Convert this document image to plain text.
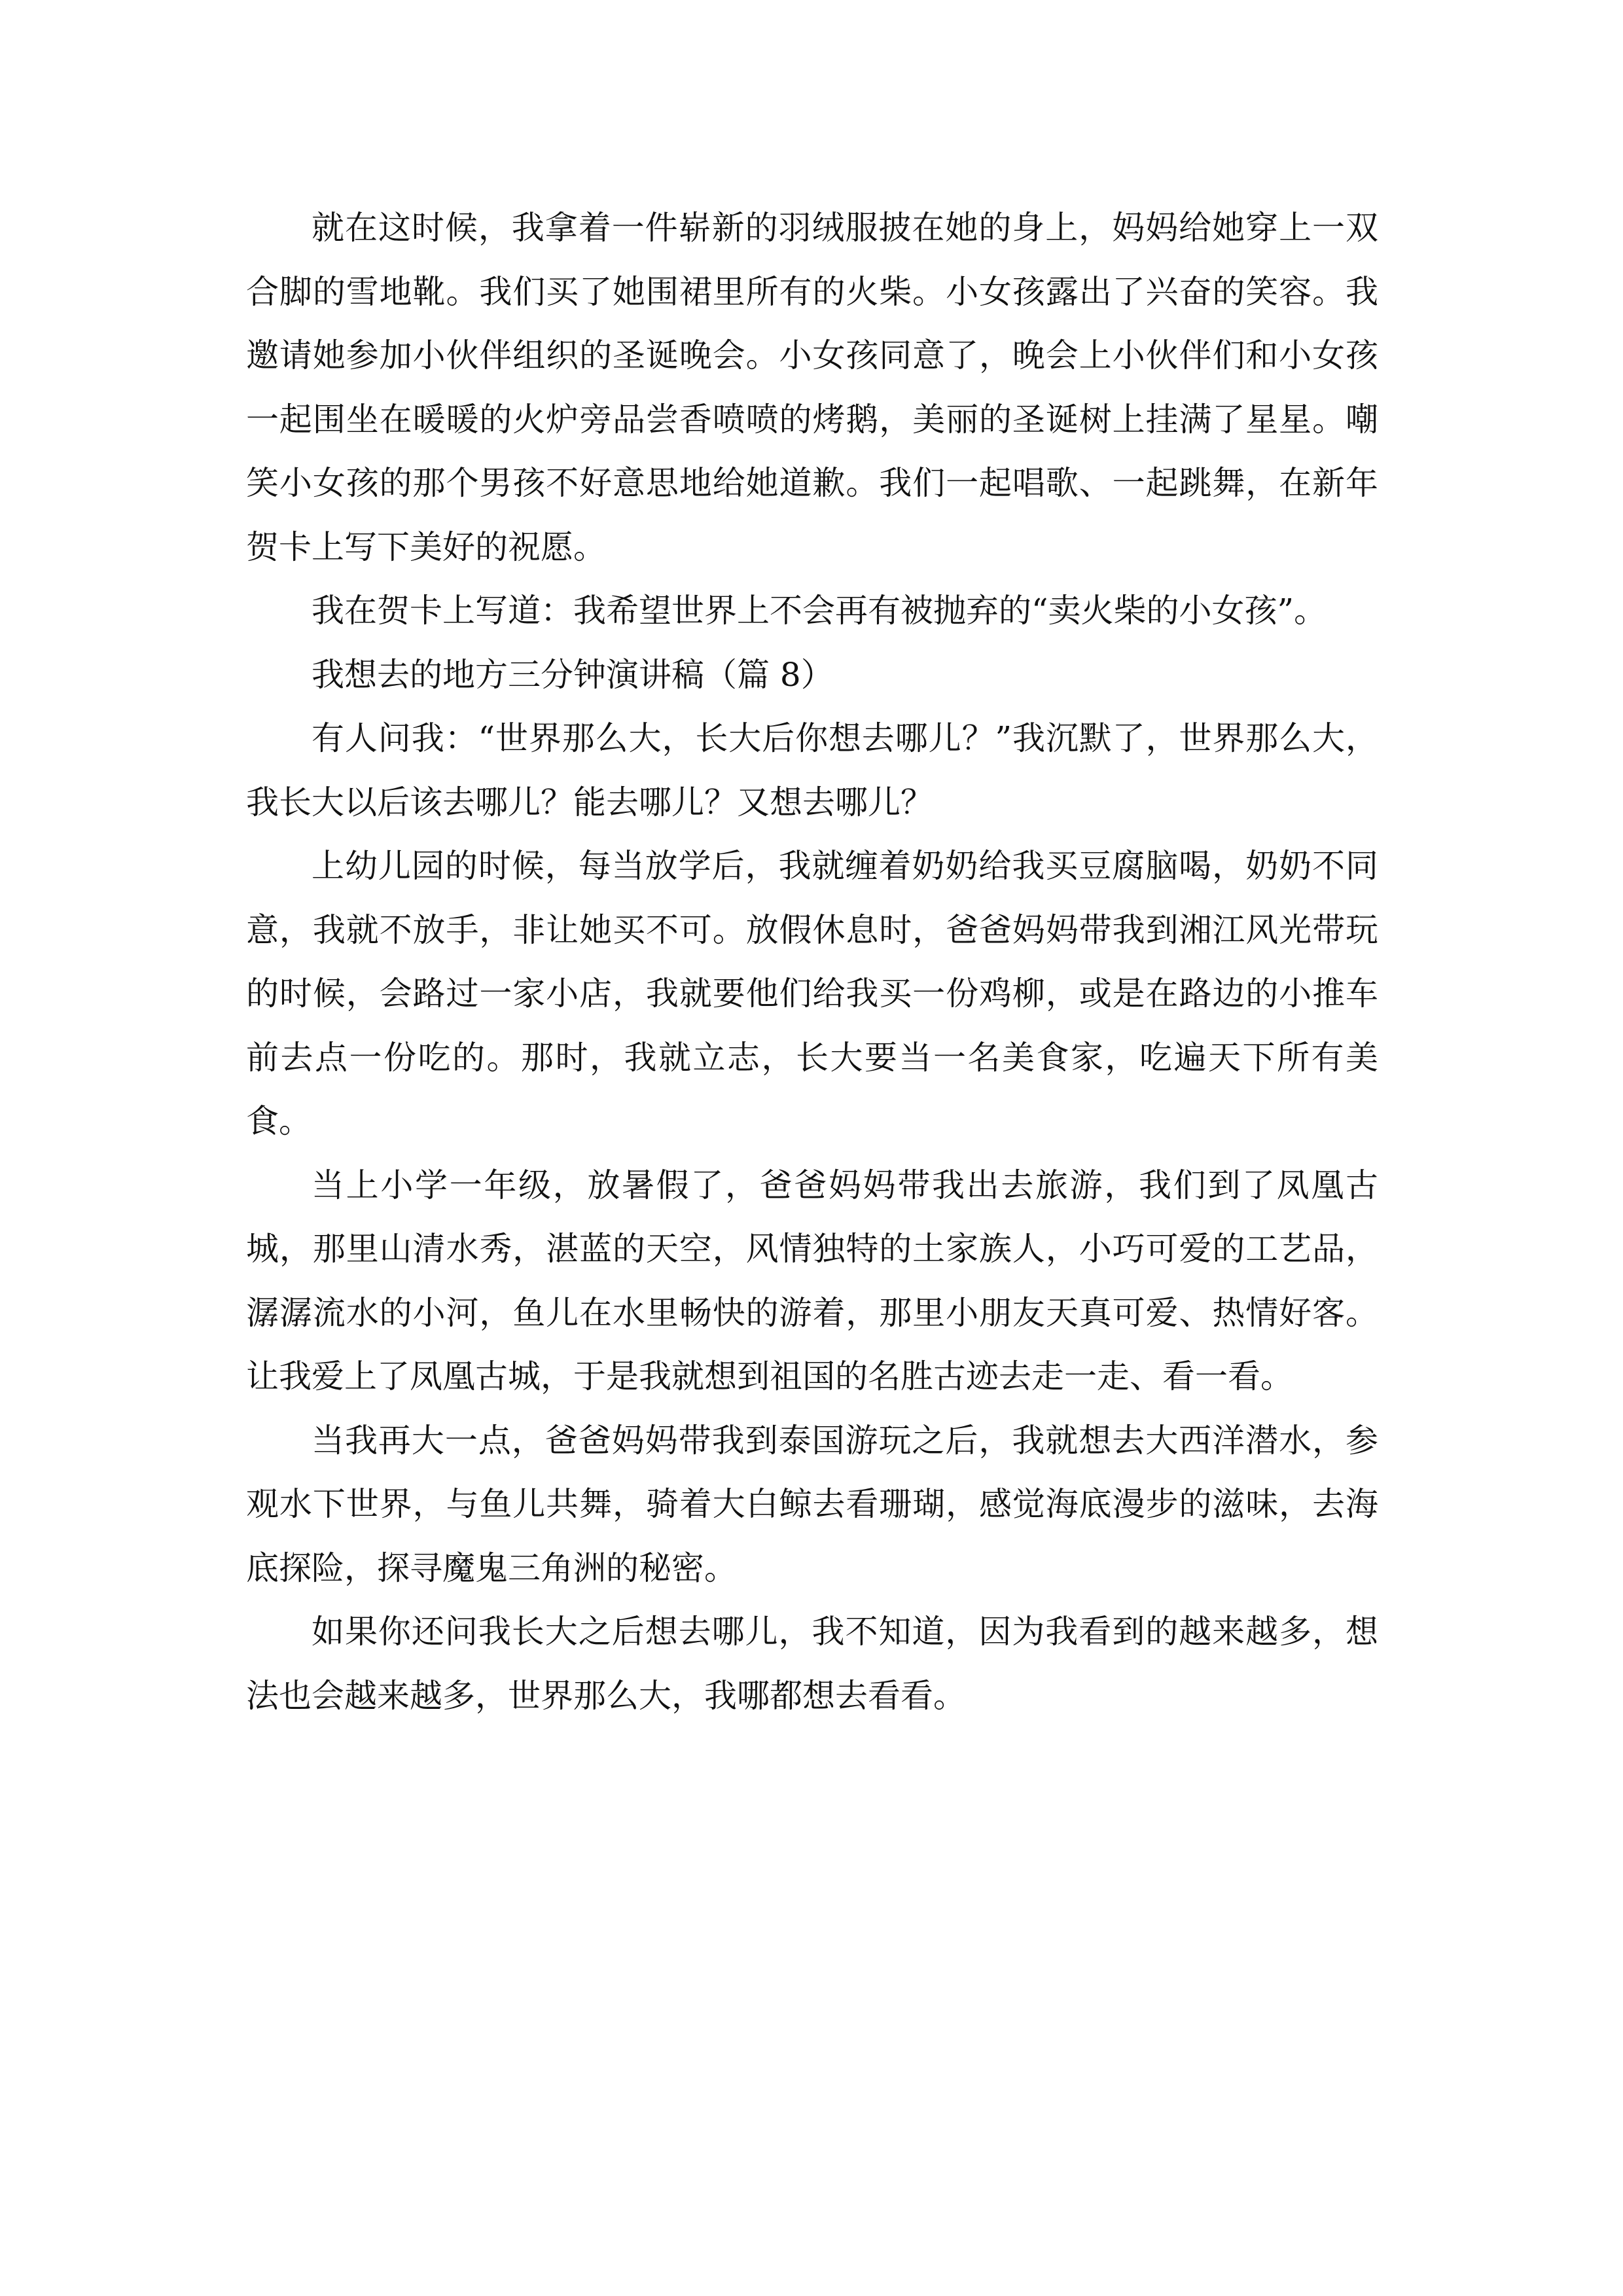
就在这时候，我拿着一件崭新的羽绒服披在她的身上，妈妈给她穿上一双合脚的雪地靴。我们买了她围裙里所有的火柴。小女孩露出了兴奋的笑容。我邀请她参加小伙伴组织的圣诞晚会。小女孩同意了，晚会上小伙伴们和小女孩一起围坐在暖暖的火炉旁品尝香喷喷的烤鹅，美丽的圣诞树上挂满了星星。嘲笑小女孩的那个男孩不好意思地给她道歉。我们一起唱歌、一起跳舞，在新年贺卡上写下美好的祝愿。

我在贺卡上写道：我希望世界上不会再有被抛弃的“卖火柴的小女孩”。

我想去的地方三分钟演讲稿（篇 8）

有人问我：“世界那么大，长大后你想去哪儿？”我沉默了，世界那么大，我长大以后该去哪儿？能去哪儿？又想去哪儿？

上幼儿园的时候，每当放学后，我就缠着奶奶给我买豆腐脑喝，奶奶不同意，我就不放手，非让她买不可。放假休息时，爸爸妈妈带我到湘江风光带玩的时候，会路过一家小店，我就要他们给我买一份鸡柳，或是在路边的小推车前去点一份吃的。那时，我就立志，长大要当一名美食家，吃遍天下所有美食。

当上小学一年级，放暑假了，爸爸妈妈带我出去旅游，我们到了凤凰古城，那里山清水秀，湛蓝的天空，风情独特的土家族人，小巧可爱的工艺品，潺潺流水的小河，鱼儿在水里畅快的游着，那里小朋友天真可爱、热情好客。让我爱上了凤凰古城，于是我就想到祖国的名胜古迹去走一走、看一看。

当我再大一点，爸爸妈妈带我到泰国游玩之后，我就想去大西洋潜水，参观水下世界，与鱼儿共舞，骑着大白鲸去看珊瑚，感觉海底漫步的滋味，去海底探险，探寻魔鬼三角洲的秘密。

如果你还问我长大之后想去哪儿，我不知道，因为我看到的越来越多，想法也会越来越多，世界那么大，我哪都想去看看。
